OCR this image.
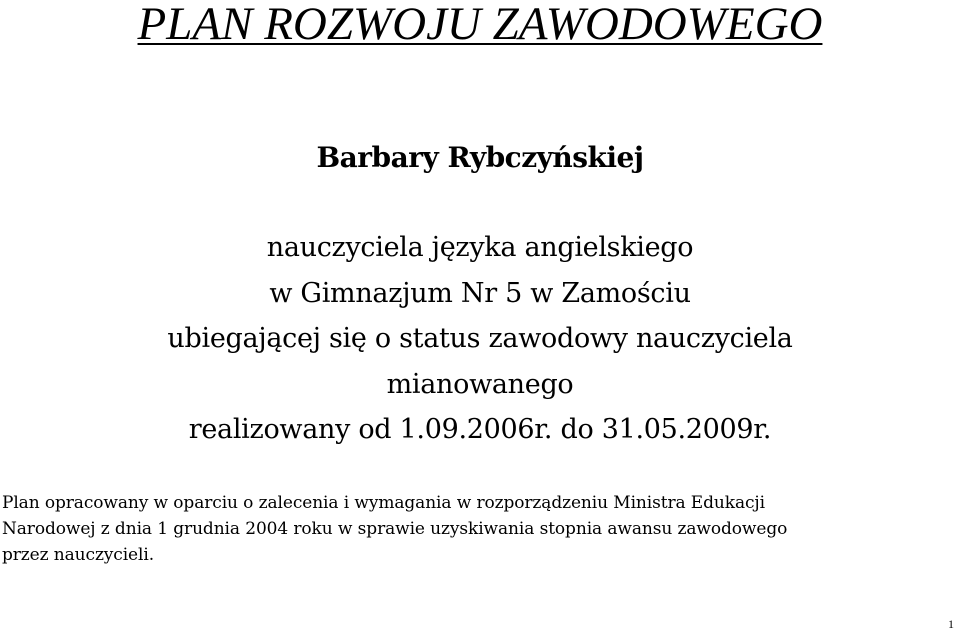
PLAN ROZWOJU ZAWODOWEGO

Barbary Rybczyńskiej

nauczyciela języka angielskiego
w Gimnazjum Nr 5 w Zamościu
ubiegającej się o status zawodowy nauczyciela
mianowanego
realizowany od 1.09.2006r. do 31.05.2009r.

Plan opracowany w oparciu o zalecenia i wymagania w rozporządzeniu Ministra Edukacji
Narodowej z dnia 1 grudnia 2004 roku w sprawie uzyskiwania stopnia awansu zawodowego
przez nauczycieli.

1
